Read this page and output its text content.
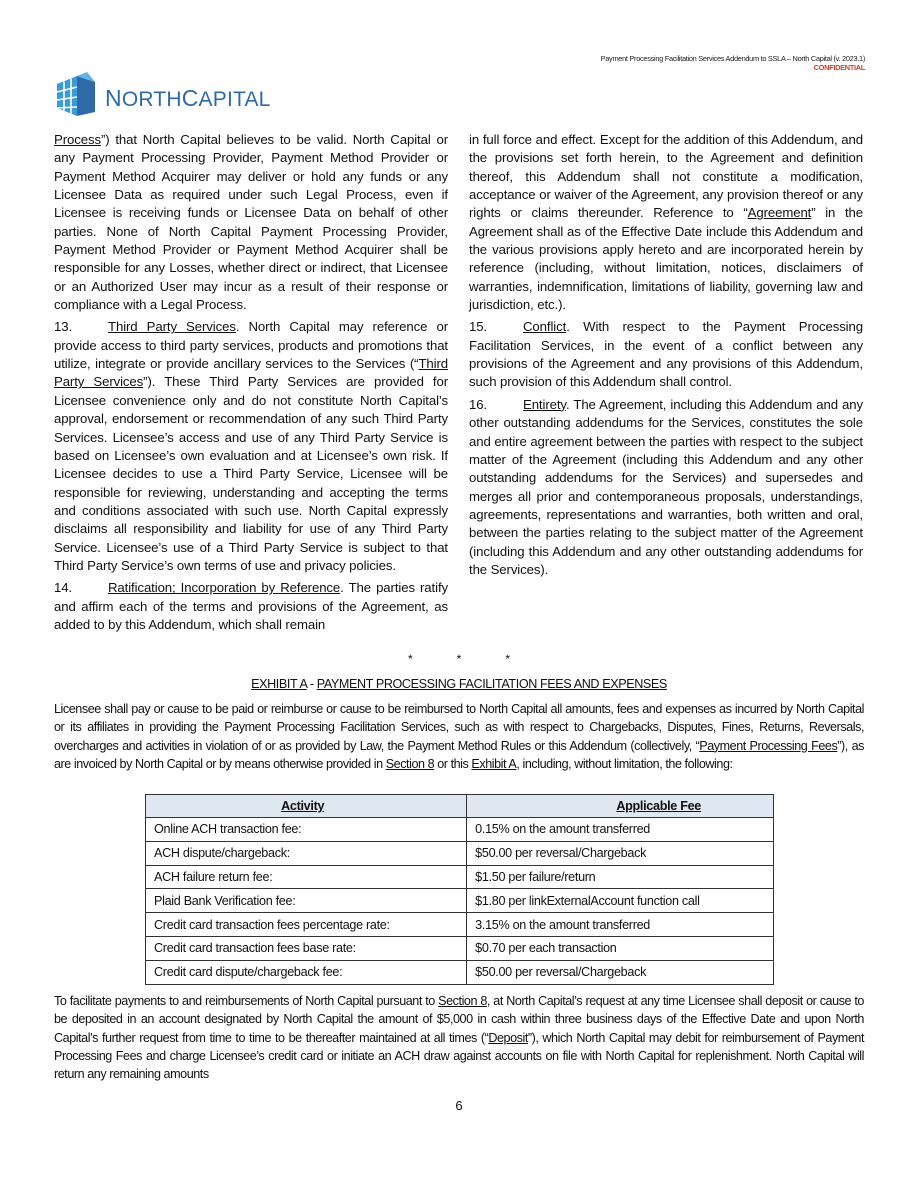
Payment Processing Facilitation Services Addendum to SSLA – North Capital (v. 2023.1)
CONFIDENTIAL
NORTHCAPITAL

Process”) that North Capital believes to be valid. North Capital or any Payment Processing Provider, Payment Method Provider or Payment Method Acquirer may deliver or hold any funds or any Licensee Data as required under such Legal Process, even if Licensee is receiving funds or Licensee Data on behalf of other parties. None of North Capital Payment Processing Provider, Payment Method Provider or Payment Method Acquirer shall be responsible for any Losses, whether direct or indirect, that Licensee or an Authorized User may incur as a result of their response or compliance with a Legal Process.

13.	Third Party Services. North Capital may reference or provide access to third party services, products and promotions that utilize, integrate or provide ancillary services to the Services (“Third Party Services”). These Third Party Services are provided for Licensee convenience only and do not constitute North Capital’s approval, endorsement or recommendation of any such Third Party Services. Licensee’s access and use of any Third Party Service is based on Licensee’s own evaluation and at Licensee’s own risk. If Licensee decides to use a Third Party Service, Licensee will be responsible for reviewing, understanding and accepting the terms and conditions associated with such use. North Capital expressly disclaims all responsibility and liability for use of any Third Party Service. Licensee’s use of a Third Party Service is subject to that Third Party Service’s own terms of use and privacy policies.

14.	Ratification; Incorporation by Reference. The parties ratify and affirm each of the terms and provisions of the Agreement, as added to by this Addendum, which shall remain

in full force and effect. Except for the addition of this Addendum, and the provisions set forth herein, to the Agreement and definition thereof, this Addendum shall not constitute a modification, acceptance or waiver of the Agreement, any provision thereof or any rights or claims thereunder. Reference to “Agreement” in the Agreement shall as of the Effective Date include this Addendum and the various provisions apply hereto and are incorporated herein by reference (including, without limitation, notices, disclaimers of warranties, indemnification, limitations of liability, governing law and jurisdiction, etc.).

15.	Conflict. With respect to the Payment Processing Facilitation Services, in the event of a conflict between any provisions of the Agreement and any provisions of this Addendum, such provision of this Addendum shall control.

16.	Entirety. The Agreement, including this Addendum and any other outstanding addendums for the Services, constitutes the sole and entire agreement between the parties with respect to the subject matter of the Agreement (including this Addendum and any other outstanding addendums for the Services) and supersedes and merges all prior and contemporaneous proposals, understandings, agreements, representations and warranties, both written and oral, between the parties relating to the subject matter of the Agreement (including this Addendum and any other outstanding addendums for the Services).

*	*	*
EXHIBIT A - PAYMENT PROCESSING FACILITATION FEES AND EXPENSES
Licensee shall pay or cause to be paid or reimburse or cause to be reimbursed to North Capital all amounts, fees and expenses as incurred by North Capital or its affiliates in providing the Payment Processing Facilitation Services, such as with respect to Chargebacks, Disputes, Fines, Returns, Reversals, overcharges and activities in violation of or as provided by Law, the Payment Method Rules or this Addendum (collectively, “Payment Processing Fees”), as are invoiced by North Capital or by means otherwise provided in Section 8 or this Exhibit A, including, without limitation, the following:
Activity	Applicable Fee
Online ACH transaction fee:	0.15% on the amount transferred
ACH dispute/chargeback:	$50.00 per reversal/Chargeback
ACH failure return fee:	$1.50 per failure/return
Plaid Bank Verification fee:	$1.80 per linkExternalAccount function call
Credit card transaction fees percentage rate:	3.15% on the amount transferred
Credit card transaction fees base rate:	$0.70 per each transaction
Credit card dispute/chargeback fee:	$50.00 per reversal/Chargeback
To facilitate payments to and reimbursements of North Capital pursuant to Section 8, at North Capital’s request at any time Licensee shall deposit or cause to be deposited in an account designated by North Capital the amount of $5,000 in cash within three business days of the Effective Date and upon North Capital’s further request from time to time to be thereafter maintained at all times (“Deposit”), which North Capital may debit for reimbursement of Payment Processing Fees and charge Licensee’s credit card or initiate an ACH draw against accounts on file with North Capital for replenishment. North Capital will return any remaining amounts
6
